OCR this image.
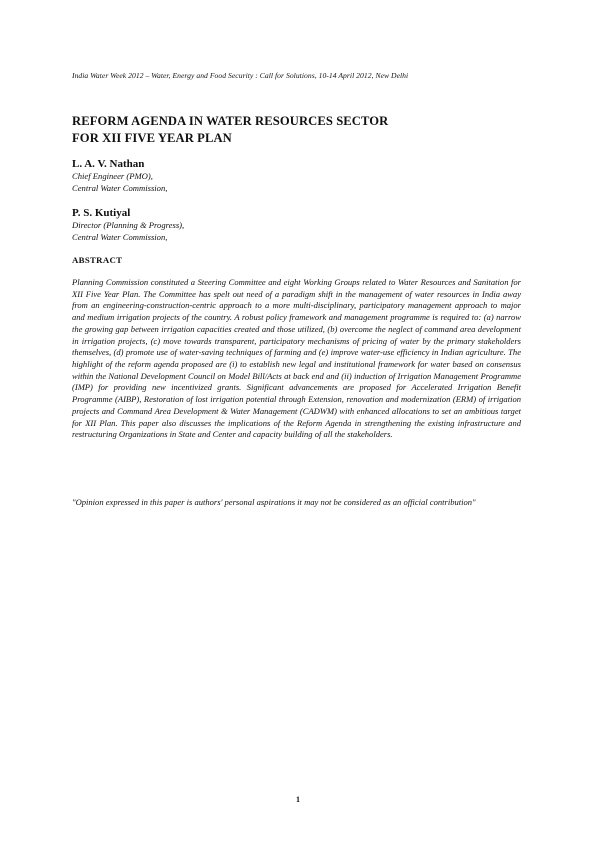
India Water Week 2012 – Water, Energy and Food Security : Call for Solutions, 10-14 April 2012, New Delhi
REFORM AGENDA IN WATER RESOURCES SECTOR
FOR XII FIVE YEAR PLAN
L. A. V. Nathan
Chief Engineer (PMO),
Central Water Commission,
P. S. Kutiyal
Director (Planning & Progress),
Central Water Commission,
ABSTRACT

Planning Commission constituted a Steering Committee and eight Working Groups related to Water Resources and Sanitation for XII Five Year Plan. The Committee has spelt out need of a paradigm shift in the management of water resources in India away from an engineering-construction-centric approach to a more multi-disciplinary, participatory management approach to major and medium irrigation projects of the country. A robust policy framework and management programme is required to: (a) narrow the growing gap between irrigation capacities created and those utilized, (b) overcome the neglect of command area development in irrigation projects, (c) move towards transparent, participatory mechanisms of pricing of water by the primary stakeholders themselves, (d) promote use of water-saving techniques of farming and (e) improve water-use efficiency in Indian agriculture. The highlight of the reform agenda proposed are (i) to establish new legal and institutional framework for water based on consensus within the National Development Council on Model Bill/Acts at back end and (ii) induction of Irrigation Management Programme (IMP) for providing new incentivized grants. Significant advancements are proposed for Accelerated Irrigation Benefit Programme (AIBP), Restoration of lost irrigation potential through Extension, renovation and modernization (ERM) of irrigation projects and Command Area Development & Water Management (CADWM) with enhanced allocations to set an ambitious target for XII Plan. This paper also discusses the implications of the Reform Agenda in strengthening the existing infrastructure and restructuring Organizations in State and Center and capacity building of all the stakeholders.

"Opinion expressed in this paper is authors' personal aspirations it may not be considered as an official contribution"

1
